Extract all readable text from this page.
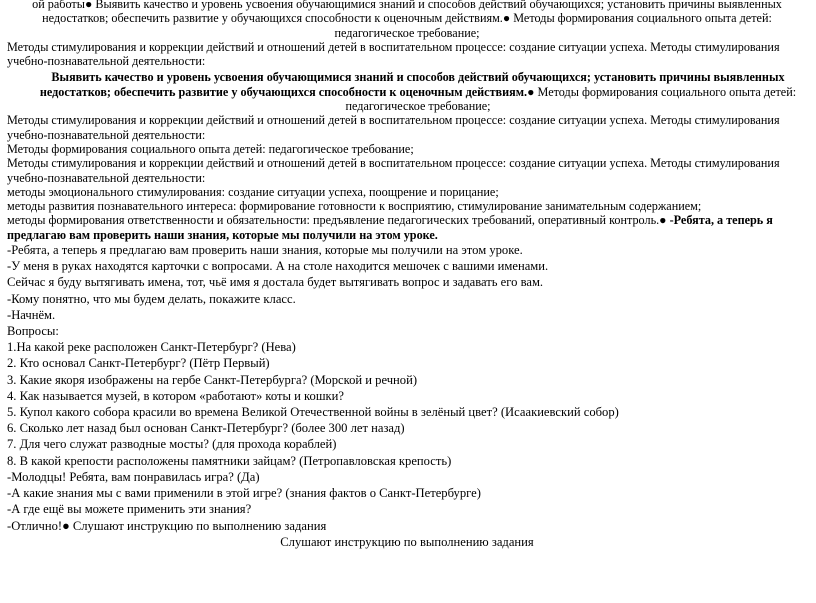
ой работы● Выявить качество и уровень усвоения обучающимися знаний и способов действий обучающихся; установить причины выявленных недостатков; обеспечить развитие у обучающихся способности к оценочным действиям.● Методы формирования социального опыта детей: педагогическое требование;

Методы стимулирования и коррекции действий и отношений детей в воспитательном процессе: создание ситуации успеха. Методы стимулирования учебно-познавательной деятельности:

Выявить качество и уровень усвоения обучающимися знаний и способов действий обучающихся; установить причины выявленных недостатков; обеспечить развитие у обучающихся способности к оценочным действиям.● Методы формирования социального опыта детей: педагогическое требование;

Методы стимулирования и коррекции действий и отношений детей в воспитательном процессе: создание ситуации успеха. Методы стимулирования учебно-познавательной деятельности:

Методы формирования социального опыта детей: педагогическое требование;

Методы стимулирования и коррекции действий и отношений детей в воспитательном процессе: создание ситуации успеха. Методы стимулирования учебно-познавательной деятельности:

методы эмоционального стимулирования: создание ситуации успеха, поощрение и порицание;

методы развития познавательного интереса: формирование готовности к восприятию, стимулирование занимательным содержанием;

методы формирования ответственности и обязательности: предъявление педагогических требований, оперативный контроль.● -Ребята, а теперь я предлагаю вам проверить наши знания, которые мы получили на этом уроке.

-Ребята, а теперь я предлагаю вам проверить наши знания, которые мы получили на этом уроке.

-У меня в руках находятся карточки с вопросами. А на столе находится мешочек с вашими именами.

Сейчас я буду вытягивать имена, тот, чьё имя я достала будет вытягивать вопрос и задавать его вам.

-Кому понятно, что мы будем делать, покажите класс.

-Начнём.

Вопросы:

1.На какой реке расположен Санкт-Петербург? (Нева)

2. Кто основал Санкт-Петербург? (Пётр Первый)

3. Какие якоря изображены на гербе Санкт-Петербурга? (Морской и речной)

4. Как называется музей, в котором «работают» коты и кошки?

5. Купол какого собора красили во времена Великой Отечественной войны в зелёный цвет? (Исаакиевский собор)

6. Сколько лет назад был основан Санкт-Петербург? (более 300 лет назад)

7. Для чего служат разводные мосты? (для прохода кораблей)

8. В какой крепости расположены памятники зайцам? (Петропавловская крепость)

-Молодцы! Ребята, вам понравилась игра? (Да)

-А какие знания мы с вами применили в этой игре? (знания фактов о Санкт-Петербурге)

-А где ещё вы можете применить эти знания?

-Отлично!● Слушают инструкцию по выполнению задания

Слушают инструкцию по выполнению задания
